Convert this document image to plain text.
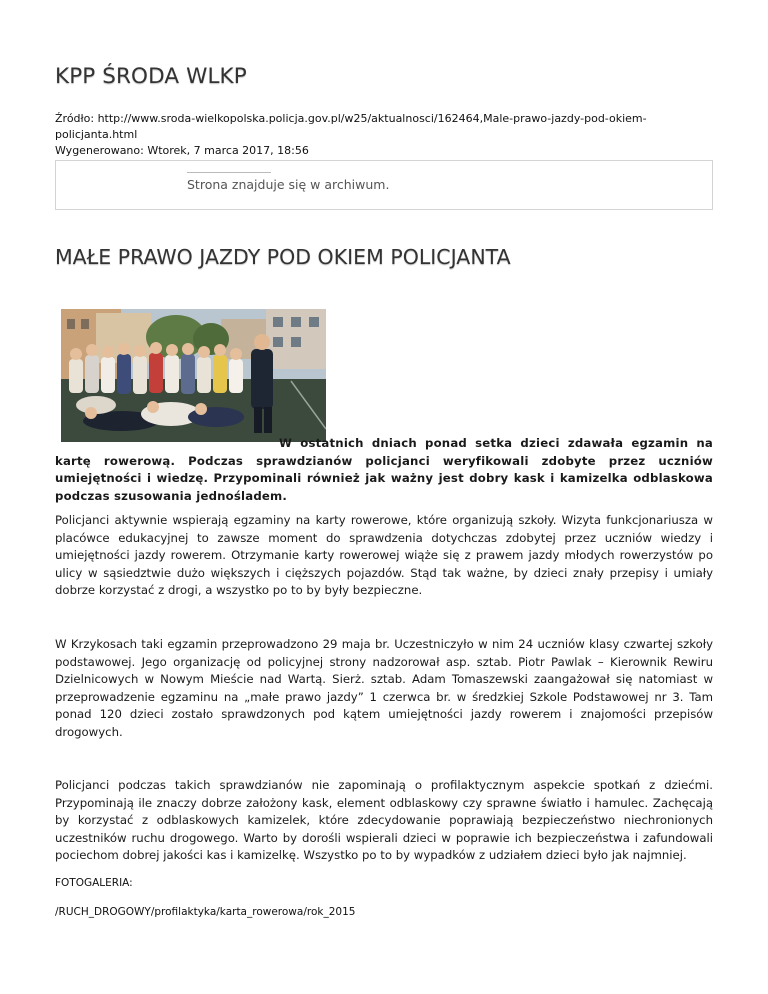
KPP ŚRODA WLKP
Źródło: http://www.sroda-wielkopolska.policja.gov.pl/w25/aktualnosci/162464,Male-prawo-jazdy-pod-okiem-policjanta.html
Wygenerowano: Wtorek, 7 marca 2017, 18:56
Strona znajduje się w archiwum.
MAŁE PRAWO JAZDY POD OKIEM POLICJANTA

W ostatnich dniach ponad setka dzieci zdawała egzamin na kartę rowerową. Podczas sprawdzianów policjanci weryfikowali zdobyte przez uczniów umiejętności i wiedzę. Przypominali również jak ważny jest dobry kask i kamizelka odblaskowa podczas szusowania jednośladem.

Policjanci aktywnie wspierają egzaminy na karty rowerowe, które organizują szkoły. Wizyta funkcjonariusza w placówce edukacyjnej to zawsze moment do sprawdzenia dotychczas zdobytej przez uczniów wiedzy i umiejętności jazdy rowerem. Otrzymanie karty rowerowej wiąże się z prawem jazdy młodych rowerzystów po ulicy w sąsiedztwie dużo większych i cięższych pojazdów. Stąd tak ważne, by dzieci znały przepisy i umiały dobrze korzystać z drogi, a wszystko po to by były bezpieczne.

W Krzykosach taki egzamin przeprowadzono 29 maja br. Uczestniczyło w nim 24 uczniów klasy czwartej szkoły podstawowej. Jego organizację od policyjnej strony nadzorował asp. sztab. Piotr Pawlak – Kierownik Rewiru Dzielnicowych w Nowym Mieście nad Wartą. Sierż. sztab. Adam Tomaszewski zaangażował się natomiast w przeprowadzenie egzaminu na „małe prawo jazdy” 1 czerwca br. w średzkiej Szkole Podstawowej nr 3. Tam ponad 120 dzieci zostało sprawdzonych pod kątem umiejętności jazdy rowerem i znajomości przepisów drogowych.

Policjanci podczas takich sprawdzianów nie zapominają o profilaktycznym aspekcie spotkań z dziećmi. Przypominają ile znaczy dobrze założony kask, element odblaskowy czy sprawne światło i hamulec. Zachęcają by korzystać z odblaskowych kamizelek, które zdecydowanie poprawiają bezpieczeństwo niechronionych uczestników ruchu drogowego. Warto by dorośli wspierali dzieci w poprawie ich bezpieczeństwa i zafundowali pociechom dobrej jakości kas i kamizelkę. Wszystko po to by wypadków z udziałem dzieci było jak najmniej.

FOTOGALERIA:
/RUCH_DROGOWY/profilaktyka/karta_rowerowa/rok_2015
